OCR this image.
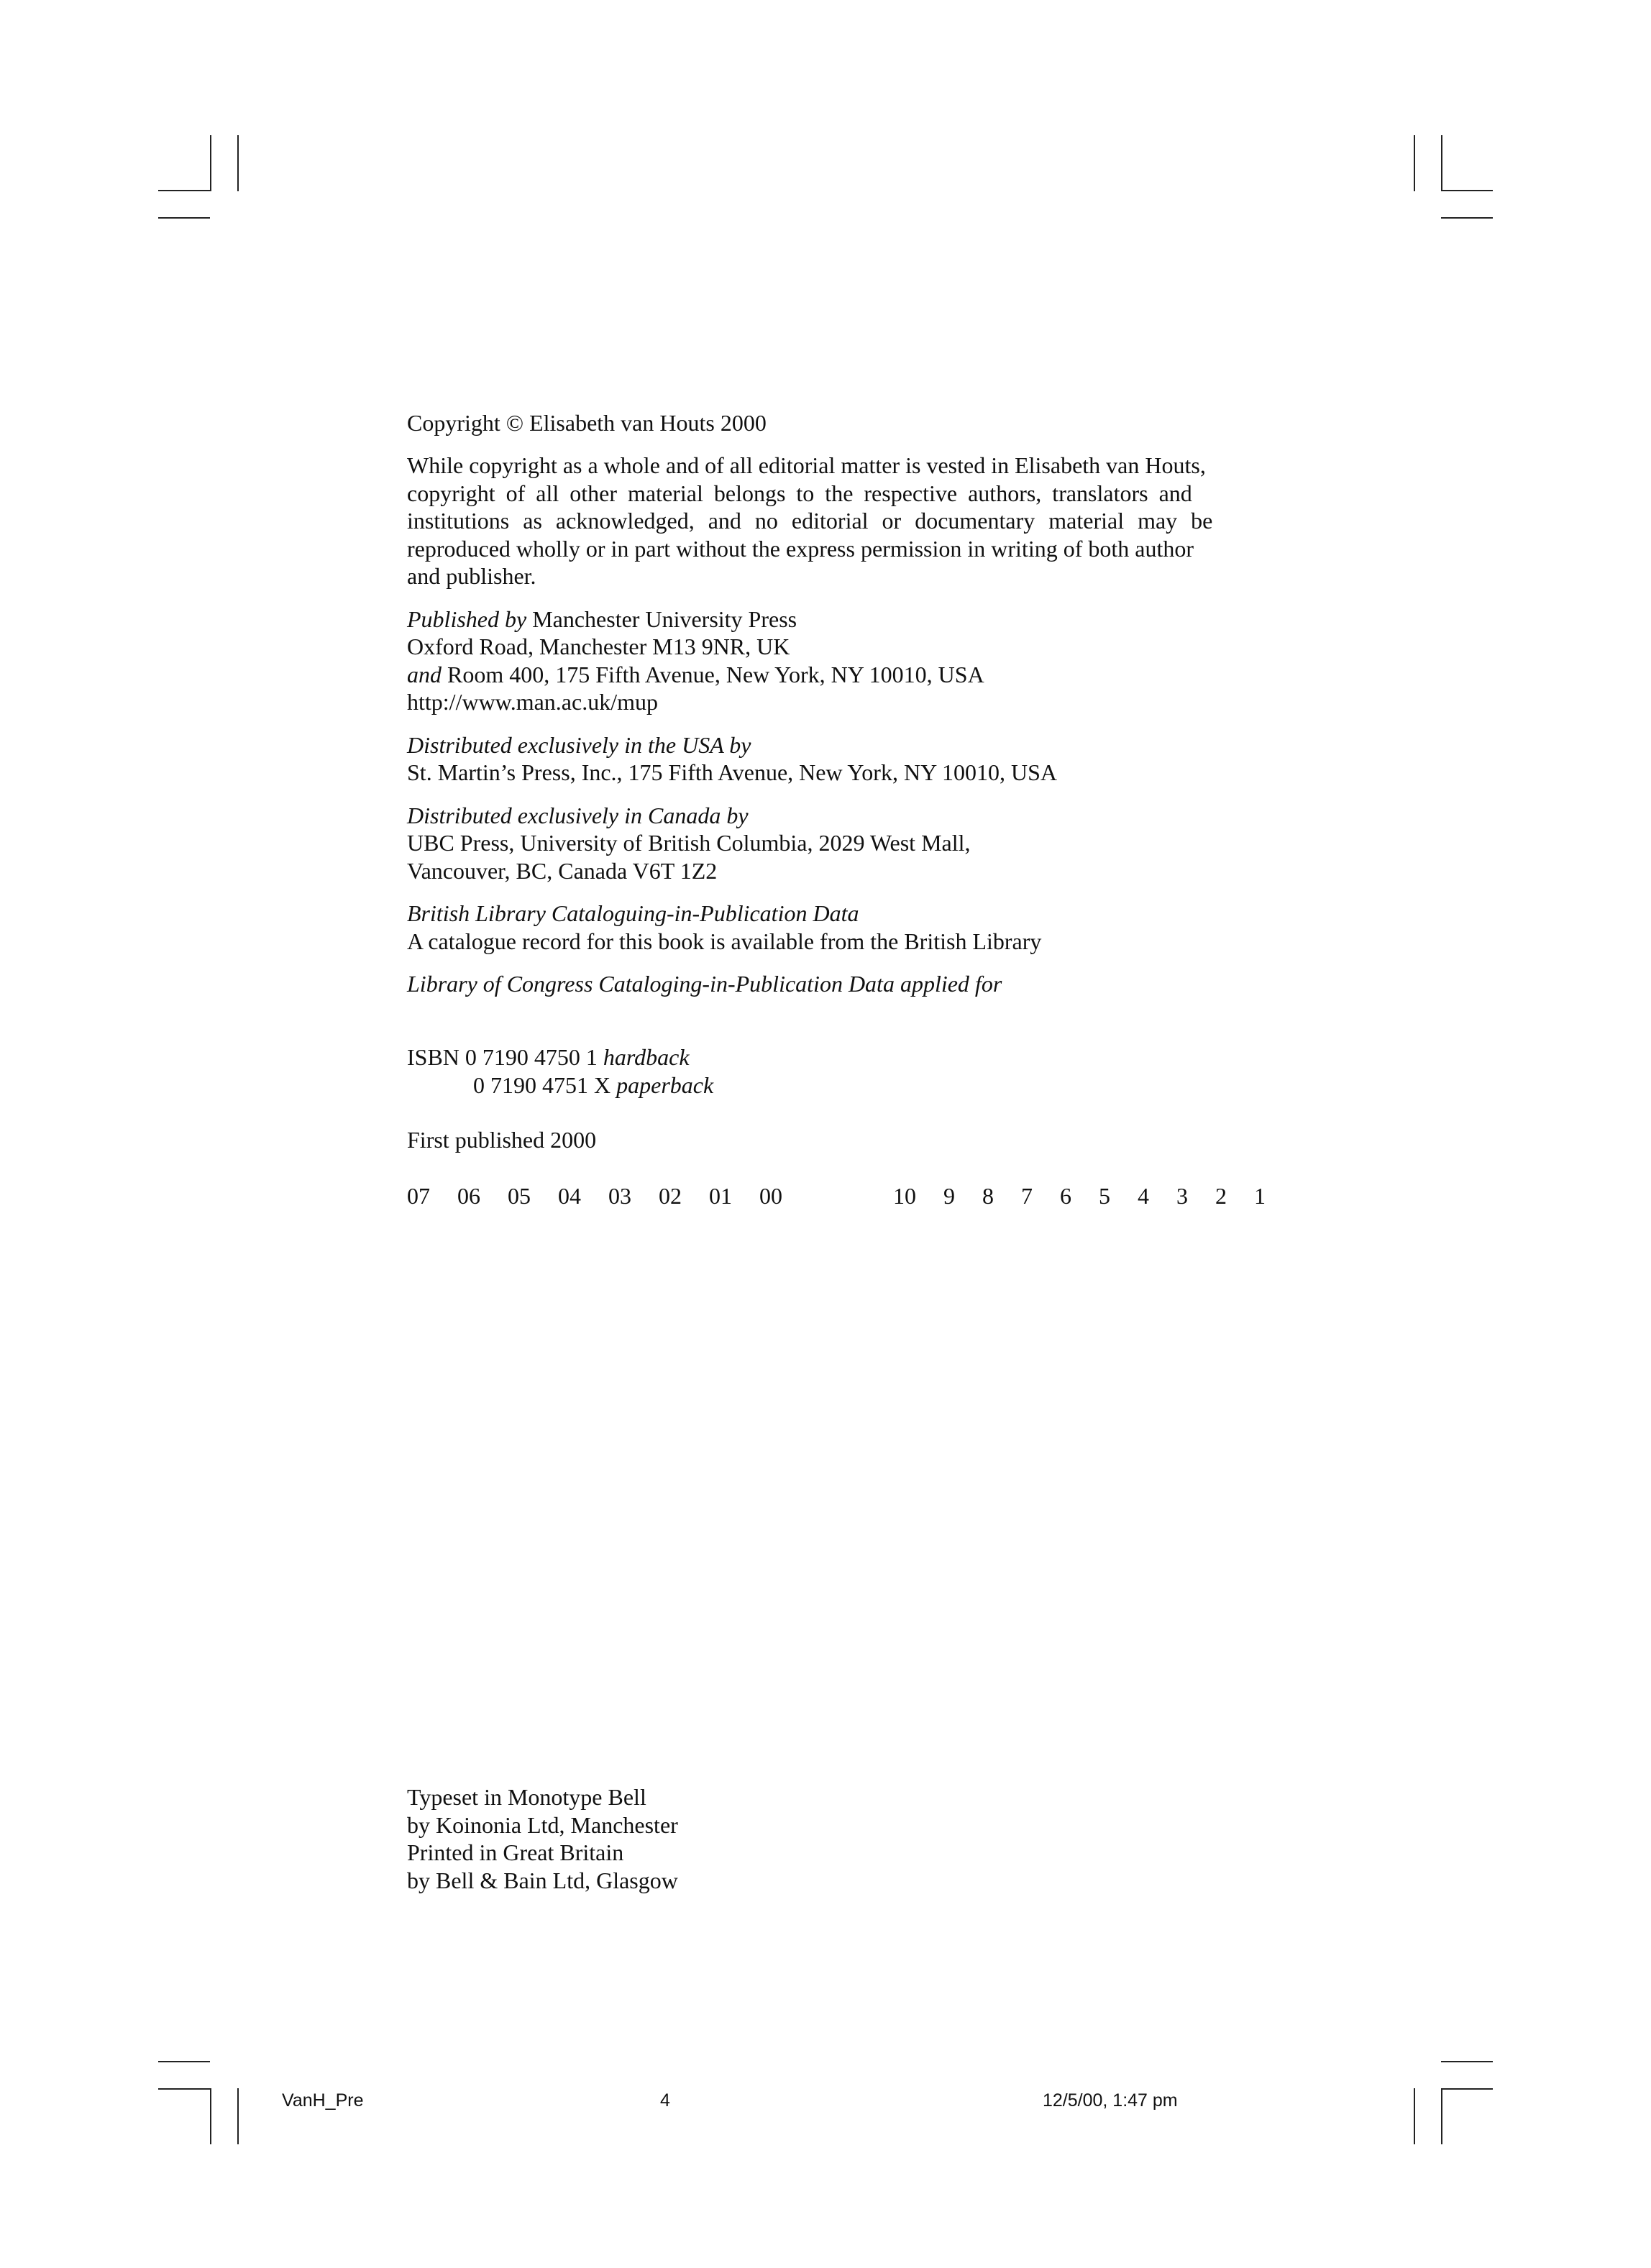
Copyright © Elisabeth van Houts 2000
While copyright as a whole and of all editorial matter is vested in Elisabeth van Houts,
copyright of all other material belongs to the respective authors, translators and
institutions as acknowledged, and no editorial or documentary material may be
reproduced wholly or in part without the express permission in writing of both author
and publisher.
Published by Manchester University Press
Oxford Road, Manchester M13 9NR, UK
and Room 400, 175 Fifth Avenue, New York, NY 10010, USA
http://www.man.ac.uk/mup
Distributed exclusively in the USA by
St. Martin’s Press, Inc., 175 Fifth Avenue, New York, NY 10010, USA
Distributed exclusively in Canada by
UBC Press, University of British Columbia, 2029 West Mall,
Vancouver, BC, Canada V6T 1Z2
British Library Cataloguing-in-Publication Data
A catalogue record for this book is available from the British Library
Library of Congress Cataloging-in-Publication Data applied for
ISBN 0 7190 4750 1 hardback
0 7190 4751 X paperback
First published 2000
07 06 05 04 03 02 01 00	10 9 8 7 6 5 4 3 2 1
Typeset in Monotype Bell
by Koinonia Ltd, Manchester
Printed in Great Britain
by Bell & Bain Ltd, Glasgow
VanH_Pre	4	12/5/00, 1:47 pm
